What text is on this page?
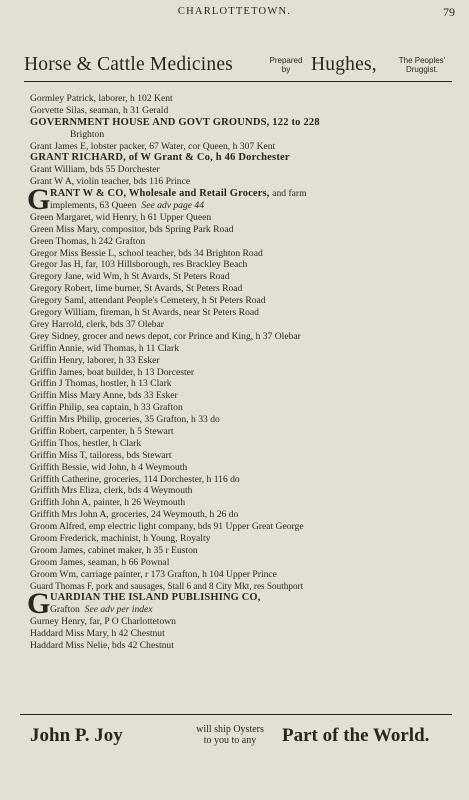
CHARLOTTETOWN.	79
Horse & Cattle Medicines	Prepared
by	Hughes,	The Peoples'
Druggist.
Gormley Patrick, laborer, h 102 Kent
Gorvette Silas, seaman, h 31 Gerald
GOVERNMENT HOUSE AND GOVT GROUNDS, 122 to 228
Brighton
Grant James E, lobster packer, 67 Water, cor Queen, h 307 Kent
GRANT RICHARD, of W Grant & Co, h 46 Dorchester
Grant William, bds 55 Dorchester
Grant W A, violin teacher, bds 116 Prince
G RANT W & CO, Wholesale and Retail Grocers, and farm
implements, 63 Queen See adv page 44
Green Margaret, wid Henry, h 61 Upper Queen
Green Miss Mary, compositor, bds Spring Park Road
Green Thomas, h 242 Grafton
Gregor Miss Bessie L, school teacher, bds 34 Brighton Road
Gregor Jas H, far, 103 Hillsborough, res Brackley Beach
Gregory Jane, wid Wm, h St Avards, St Peters Road
Gregory Robert, lime burner, St Avards, St Peters Road
Gregory Saml, attendant People's Cemetery, h St Peters Road
Gregory William, fireman, h St Avards, near St Peters Road
Grey Harrold, clerk, bds 37 Olebar
Grey Sidney, grocer and news depot, cor Prince and King, h 37 Olebar
Griffin Annie, wid Thomas, h 11 Clark
Griffin Henry, laborer, h 33 Esker
Griffin James, boat builder, h 13 Dorcester
Griffin J Thomas, hostler, h 13 Clark
Griffin Miss Mary Anne, bds 33 Esker
Griffin Philip, sea captain, h 33 Grafton
Griffin Mrs Philip, groceries, 35 Grafton, h 33 do
Griffin Robert, carpenter, h 5 Stewart
Griffin Thos, hestler, h Clark
Griffin Miss T, tailoress, bds Stewart
Griffith Bessie, wid John, h 4 Weymouth
Griffith Catherine, groceries, 114 Dorchester, h 116 do
Griffith Mrs Eliza, clerk, bds 4 Weymouth
Griffith John A, painter, h 26 Weymouth
Griffith Mrs John A, groceries, 24 Weymouth, h 26 do
Groom Alfred, emp electric light company, bds 91 Upper Great George
Groom Frederick, machinist, h Young, Royalty
Groom James, cabinet maker, h 35 r Euston
Groom James, seaman, h 66 Pownal
Groom Wm, carriage painter, r 173 Grafton, h 104 Upper Prince
Guard Thomas F, pork and sausages, Stall 6 and 8 City Mkt, res Southport
G UARDIAN THE ISLAND PUBLISHING CO,
Grafton See adv per index
Gurney Henry, far, P O Charlottetown
Haddard Miss Mary, h 42 Chestnut
Haddard Miss Nelie, bds 42 Chestnut
John P. Joy	will ship Oysters
to you to any	Part of the World.
